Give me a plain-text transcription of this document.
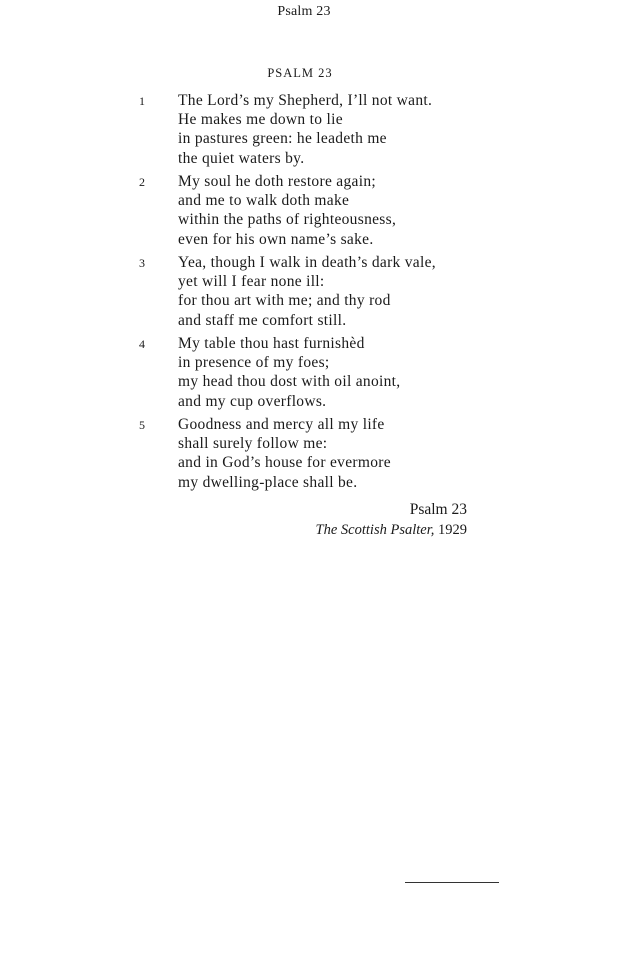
Psalm 23
PSALM 23
1 The Lord’s my Shepherd, I’ll not want.
He makes me down to lie
in pastures green: he leadeth me
the quiet waters by.
2 My soul he doth restore again;
and me to walk doth make
within the paths of righteousness,
even for his own name’s sake.
3 Yea, though I walk in death’s dark vale,
yet will I fear none ill:
for thou art with me; and thy rod
and staff me comfort still.
4 My table thou hast furnishèd
in presence of my foes;
my head thou dost with oil anoint,
and my cup overflows.
5 Goodness and mercy all my life
shall surely follow me:
and in God’s house for evermore
my dwelling-place shall be.
Psalm 23
The Scottish Psalter, 1929
